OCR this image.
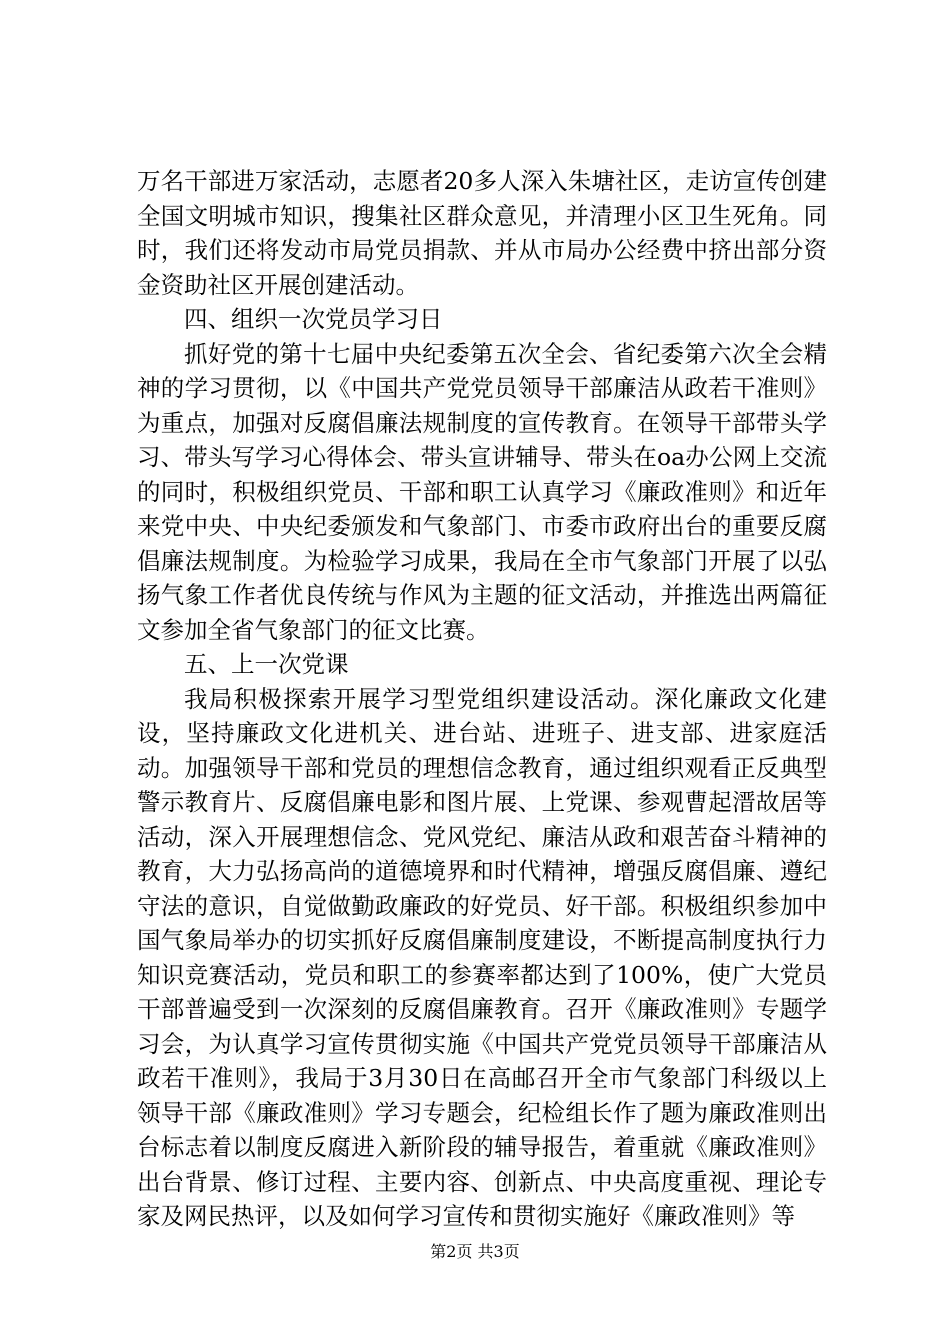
万名干部进万家活动，志愿者20多人深入朱塘社区，走访宣传创建全国文明城市知识，搜集社区群众意见，并清理小区卫生死角。同时，我们还将发动市局党员捐款、并从市局办公经费中挤出部分资金资助社区开展创建活动。

四、组织一次党员学习日

抓好党的第十七届中央纪委第五次全会、省纪委第六次全会精神的学习贯彻，以《中国共产党党员领导干部廉洁从政若干准则》为重点，加强对反腐倡廉法规制度的宣传教育。在领导干部带头学习、带头写学习心得体会、带头宣讲辅导、带头在oa办公网上交流的同时，积极组织党员、干部和职工认真学习《廉政准则》和近年来党中央、中央纪委颁发和气象部门、市委市政府出台的重要反腐倡廉法规制度。为检验学习成果，我局在全市气象部门开展了以弘扬气象工作者优良传统与作风为主题的征文活动，并推选出两篇征文参加全省气象部门的征文比赛。

五、上一次党课

我局积极探索开展学习型党组织建设活动。深化廉政文化建设，坚持廉政文化进机关、进台站、进班子、进支部、进家庭活动。加强领导干部和党员的理想信念教育，通过组织观看正反典型警示教育片、反腐倡廉电影和图片展、上党课、参观曹起溍故居等活动，深入开展理想信念、党风党纪、廉洁从政和艰苦奋斗精神的教育，大力弘扬高尚的道德境界和时代精神，增强反腐倡廉、遵纪守法的意识，自觉做勤政廉政的好党员、好干部。积极组织参加中国气象局举办的切实抓好反腐倡廉制度建设，不断提高制度执行力知识竞赛活动，党员和职工的参赛率都达到了100%，使广大党员干部普遍受到一次深刻的反腐倡廉教育。召开《廉政准则》专题学习会，为认真学习宣传贯彻实施《中国共产党党员领导干部廉洁从政若干准则》，我局于3月30日在高邮召开全市气象部门科级以上领导干部《廉政准则》学习专题会，纪检组长作了题为廉政准则出台标志着以制度反腐进入新阶段的辅导报告，着重就《廉政准则》出台背景、修订过程、主要内容、创新点、中央高度重视、理论专家及网民热评，以及如何学习宣传和贯彻实施好《廉政准则》等

第2页 共3页
